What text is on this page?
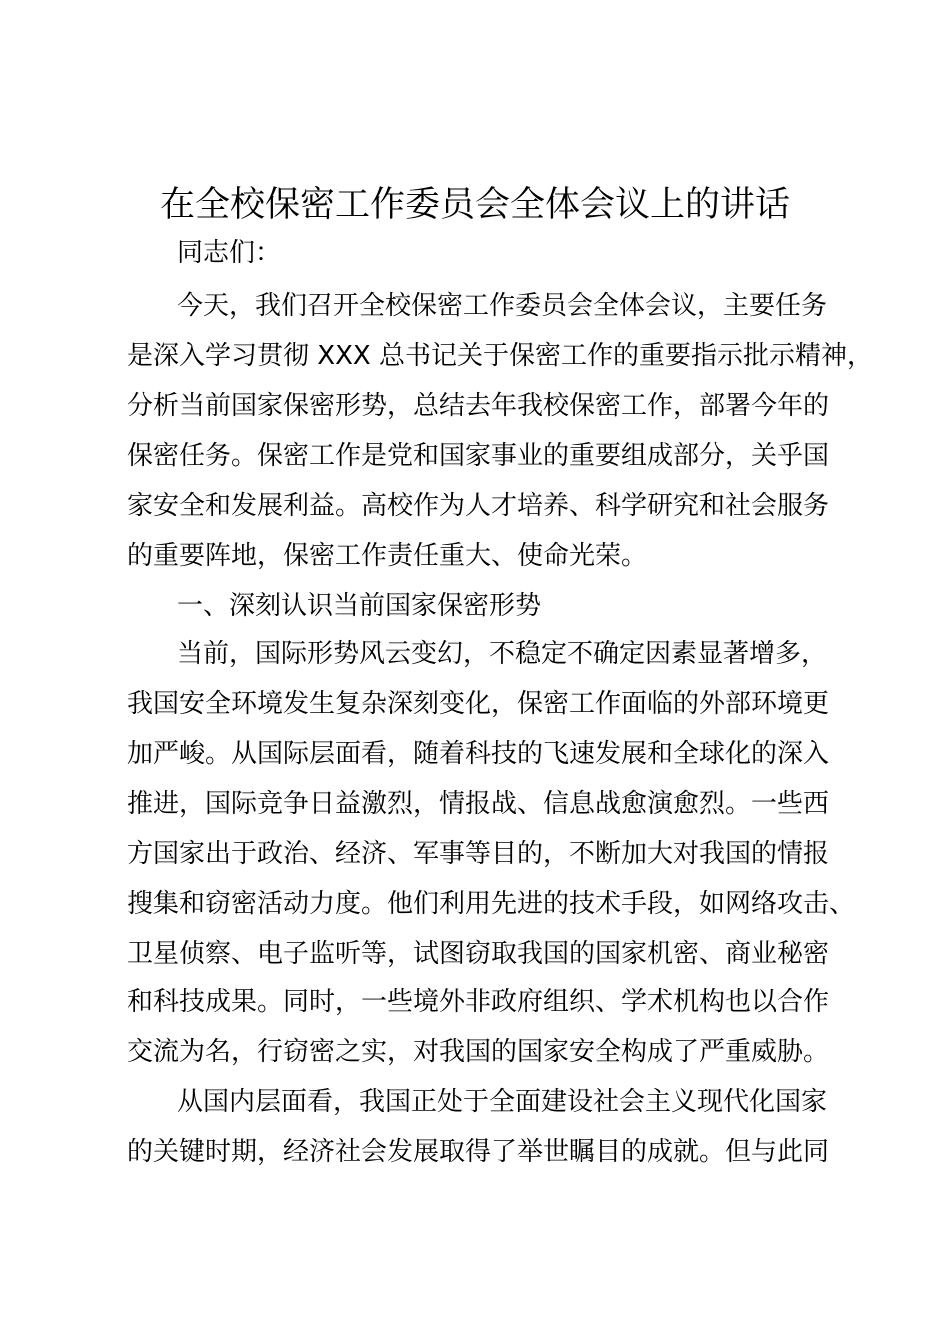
在全校保密工作委员会全体会议上的讲话
同志们：
今天，我们召开全校保密工作委员会全体会议，主要任务
是深入学习贯彻 XXX 总书记关于保密工作的重要指示批示精神，
分析当前国家保密形势，总结去年我校保密工作，部署今年的
保密任务。保密工作是党和国家事业的重要组成部分，关乎国
家安全和发展利益。高校作为人才培养、科学研究和社会服务
的重要阵地，保密工作责任重大、使命光荣。
一、深刻认识当前国家保密形势
当前，国际形势风云变幻，不稳定不确定因素显著增多，
我国安全环境发生复杂深刻变化，保密工作面临的外部环境更
加严峻。从国际层面看，随着科技的飞速发展和全球化的深入
推进，国际竞争日益激烈，情报战、信息战愈演愈烈。一些西
方国家出于政治、经济、军事等目的，不断加大对我国的情报
搜集和窃密活动力度。他们利用先进的技术手段，如网络攻击、
卫星侦察、电子监听等，试图窃取我国的国家机密、商业秘密
和科技成果。同时，一些境外非政府组织、学术机构也以合作
交流为名，行窃密之实，对我国的国家安全构成了严重威胁。
从国内层面看，我国正处于全面建设社会主义现代化国家
的关键时期，经济社会发展取得了举世瞩目的成就。但与此同
